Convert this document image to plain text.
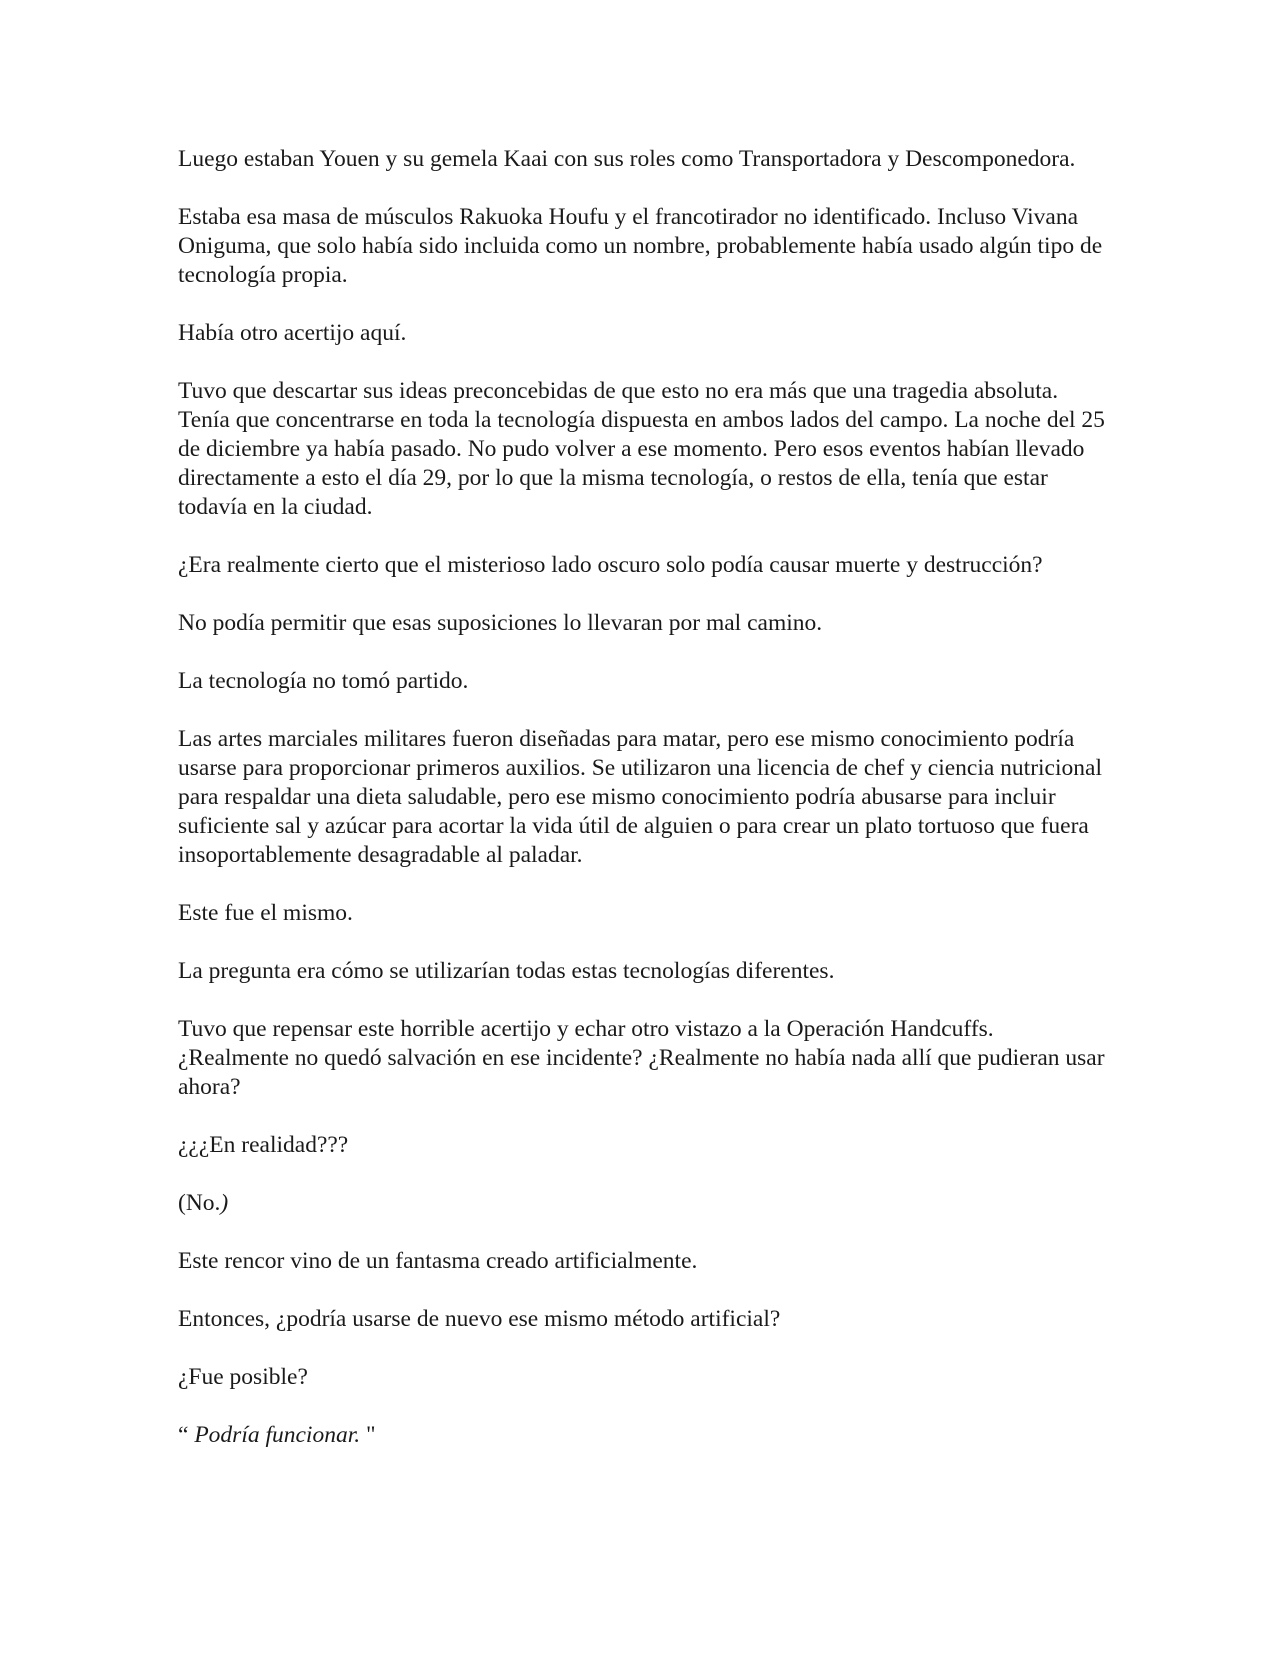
Luego estaban Youen y su gemela Kaai con sus roles como Transportadora y Descomponedora.

Estaba esa masa de músculos Rakuoka Houfu y el francotirador no identificado. Incluso Vivana Oniguma, que solo había sido incluida como un nombre, probablemente había usado algún tipo de tecnología propia.

Había otro acertijo aquí.

Tuvo que descartar sus ideas preconcebidas de que esto no era más que una tragedia absoluta. Tenía que concentrarse en toda la tecnología dispuesta en ambos lados del campo. La noche del 25 de diciembre ya había pasado. No pudo volver a ese momento. Pero esos eventos habían llevado directamente a esto el día 29, por lo que la misma tecnología, o restos de ella, tenía que estar todavía en la ciudad.

¿Era realmente cierto que el misterioso lado oscuro solo podía causar muerte y destrucción?

No podía permitir que esas suposiciones lo llevaran por mal camino.

La tecnología no tomó partido.

Las artes marciales militares fueron diseñadas para matar, pero ese mismo conocimiento podría usarse para proporcionar primeros auxilios. Se utilizaron una licencia de chef y ciencia nutricional para respaldar una dieta saludable, pero ese mismo conocimiento podría abusarse para incluir suficiente sal y azúcar para acortar la vida útil de alguien o para crear un plato tortuoso que fuera insoportablemente desagradable al paladar.

Este fue el mismo.

La pregunta era cómo se utilizarían todas estas tecnologías diferentes.

Tuvo que repensar este horrible acertijo y echar otro vistazo a la Operación Handcuffs. ¿Realmente no quedó salvación en ese incidente? ¿Realmente no había nada allí que pudieran usar ahora?

¿¿¿En realidad???

(No.)

Este rencor vino de un fantasma creado artificialmente.

Entonces, ¿podría usarse de nuevo ese mismo método artificial?

¿Fue posible?

“ Podría funcionar. "
